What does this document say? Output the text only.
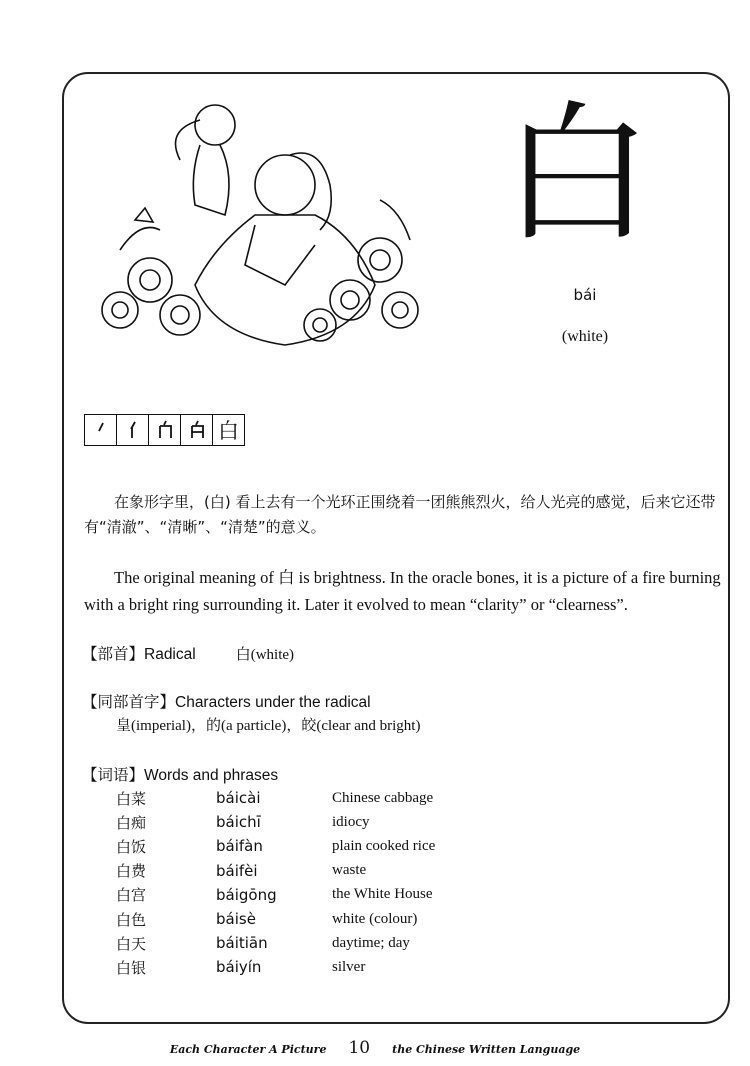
白
bái
(white)
白
在象形字里，(白) 看上去有一个光环正围绕着一团熊熊烈火，给人光亮的感觉，后来它还带有“清澈”、“清晰”、“清楚”的意义。
The original meaning of 白 is brightness. In the oracle bones, it is a picture of a fire burning with a bright ring surrounding it. Later it evolved to mean “clarity” or “clearness”.
【部首】Radical	白(white)
【同部首字】Characters under the radical
皇(imperial)，的(a particle)，皎(clear and bright)
【词语】Words and phrases
白菜	báicài	Chinese cabbage
白痴	báichī	idiocy
白饭	báifàn	plain cooked rice
白费	báifèi	waste
白宫	báigōng	the White House
白色	báisè	white (colour)
白天	báitiān	daytime; day
白银	báiyín	silver
Each Character A Picture 10 the Chinese Written Language
